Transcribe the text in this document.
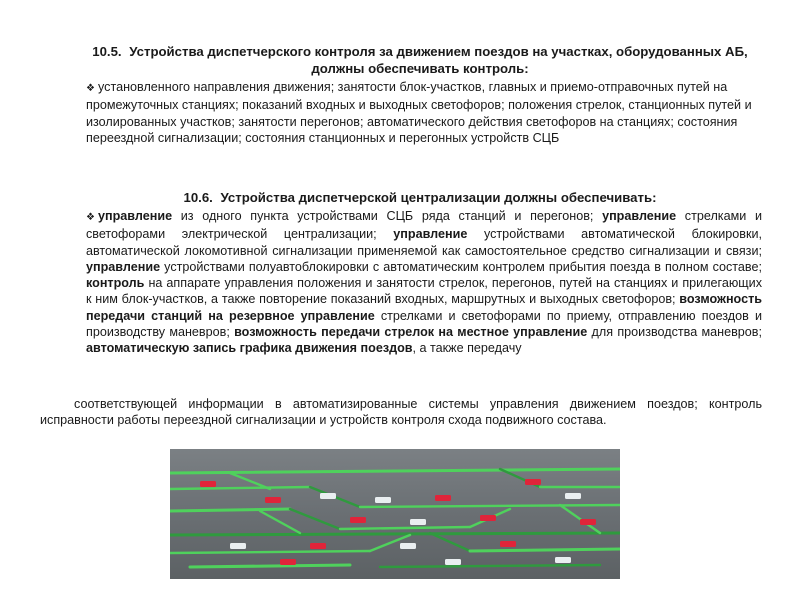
10.5. Устройства диспетчерского контроля за движением поездов на участках, оборудованных АБ, должны обеспечивать контроль:
❖ установленного направления движения; занятости блок-участков, главных и приемо-отправочных путей на промежуточных станциях; показаний входных и выходных светофоров; положения стрелок, станционных путей и изолированных участков; занятости перегонов; автоматического действия светофоров на станциях; состояния переездной сигнализации; состояния станционных и перегонных устройств СЦБ
10.6. Устройства диспетчерской централизации должны обеспечивать:
❖ управление из одного пункта устройствами СЦБ ряда станций и перегонов; управление стрелками и светофорами электрической централизации; управление устройствами автоматической блокировки, автоматической локомотивной сигнализации применяемой как самостоятельное средство сигнализации и связи; управление устройствами полуавтоблокировки с автоматическим контролем прибытия поезда в полном составе; контроль на аппарате управления положения и занятости стрелок, перегонов, путей на станциях и прилегающих к ним блок-участков, а также повторение показаний входных, маршрутных и выходных светофоров; возможность передачи станций на резервное управление стрелками и светофорами по приему, отправлению поездов и производству маневров; возможность передачи стрелок на местное управление для производства маневров; автоматическую запись графика движения поездов, а также передачу
соответствующей информации в автоматизированные системы управления движением поездов; контроль исправности работы переездной сигнализации и устройств контроля схода подвижного состава.
